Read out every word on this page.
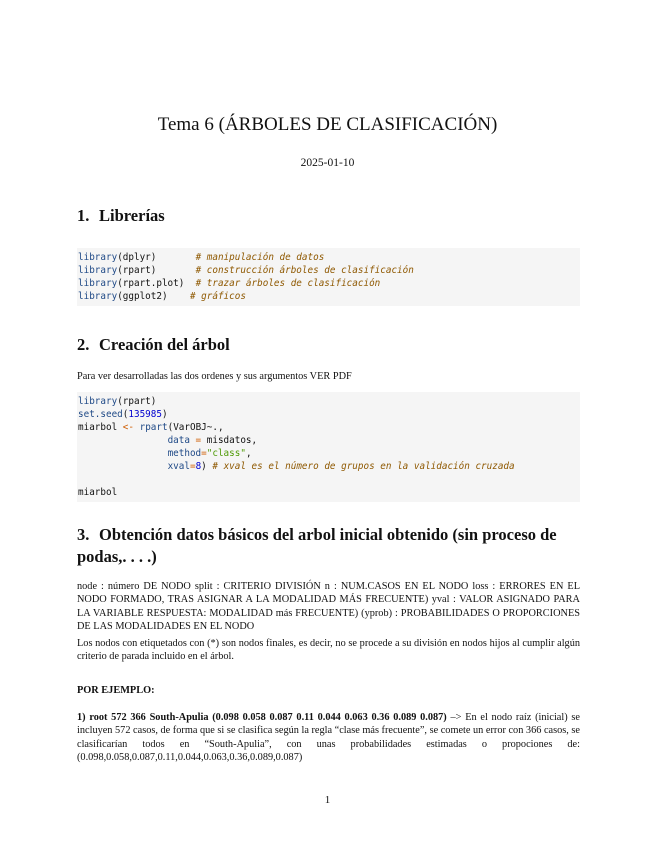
Tema 6 (ÁRBOLES DE CLASIFICACIÓN)
2025-01-10
1. Librerías
library(dplyr)	# manipulación de datos
library(rpart)	# construcción árboles de clasificación
library(rpart.plot) # trazar árboles de clasificación
library(ggplot2) # gráficos
2. Creación del árbol
Para ver desarrolladas las dos ordenes y sus argumentos VER PDF
library(rpart)
set.seed(135985)
miarbol <- rpart(VarOBJ~.,
data = misdatos,
method="class",
xval=8) # xval es el número de grupos en la validación cruzada

miarbol
3. Obtención datos básicos del arbol inicial obtenido (sin proceso de podas,. . . .)
node : número DE NODO split : CRITERIO DIVISIÓN n : NUM.CASOS EN EL NODO loss : ERRORES EN EL NODO FORMADO, TRAS ASIGNAR A LA MODALIDAD MÁS FRECUENTE) yval : VALOR ASIGNADO PARA LA VARIABLE RESPUESTA: MODALIDAD más FRECUENTE) (yprob) : PROBABILIDADES O PROPORCIONES DE LAS MODALIDADES EN EL NODO
Los nodos con etiquetados con (*) son nodos finales, es decir, no se procede a su división en nodos hijos al cumplir algún criterio de parada incluido en el árbol.
POR EJEMPLO:
1) root 572 366 South-Apulia (0.098 0.058 0.087 0.11 0.044 0.063 0.36 0.089 0.087) –> En el nodo raíz (inicial) se incluyen 572 casos, de forma que si se clasifica según la regla “clase más frecuente”, se comete un error con 366 casos, se clasificarían todos en “South-Apulia”, con unas probabilidades estimadas o propociones de: (0.098,0.058,0.087,0.11,0.044,0.063,0.36,0.089,0.087)
1
